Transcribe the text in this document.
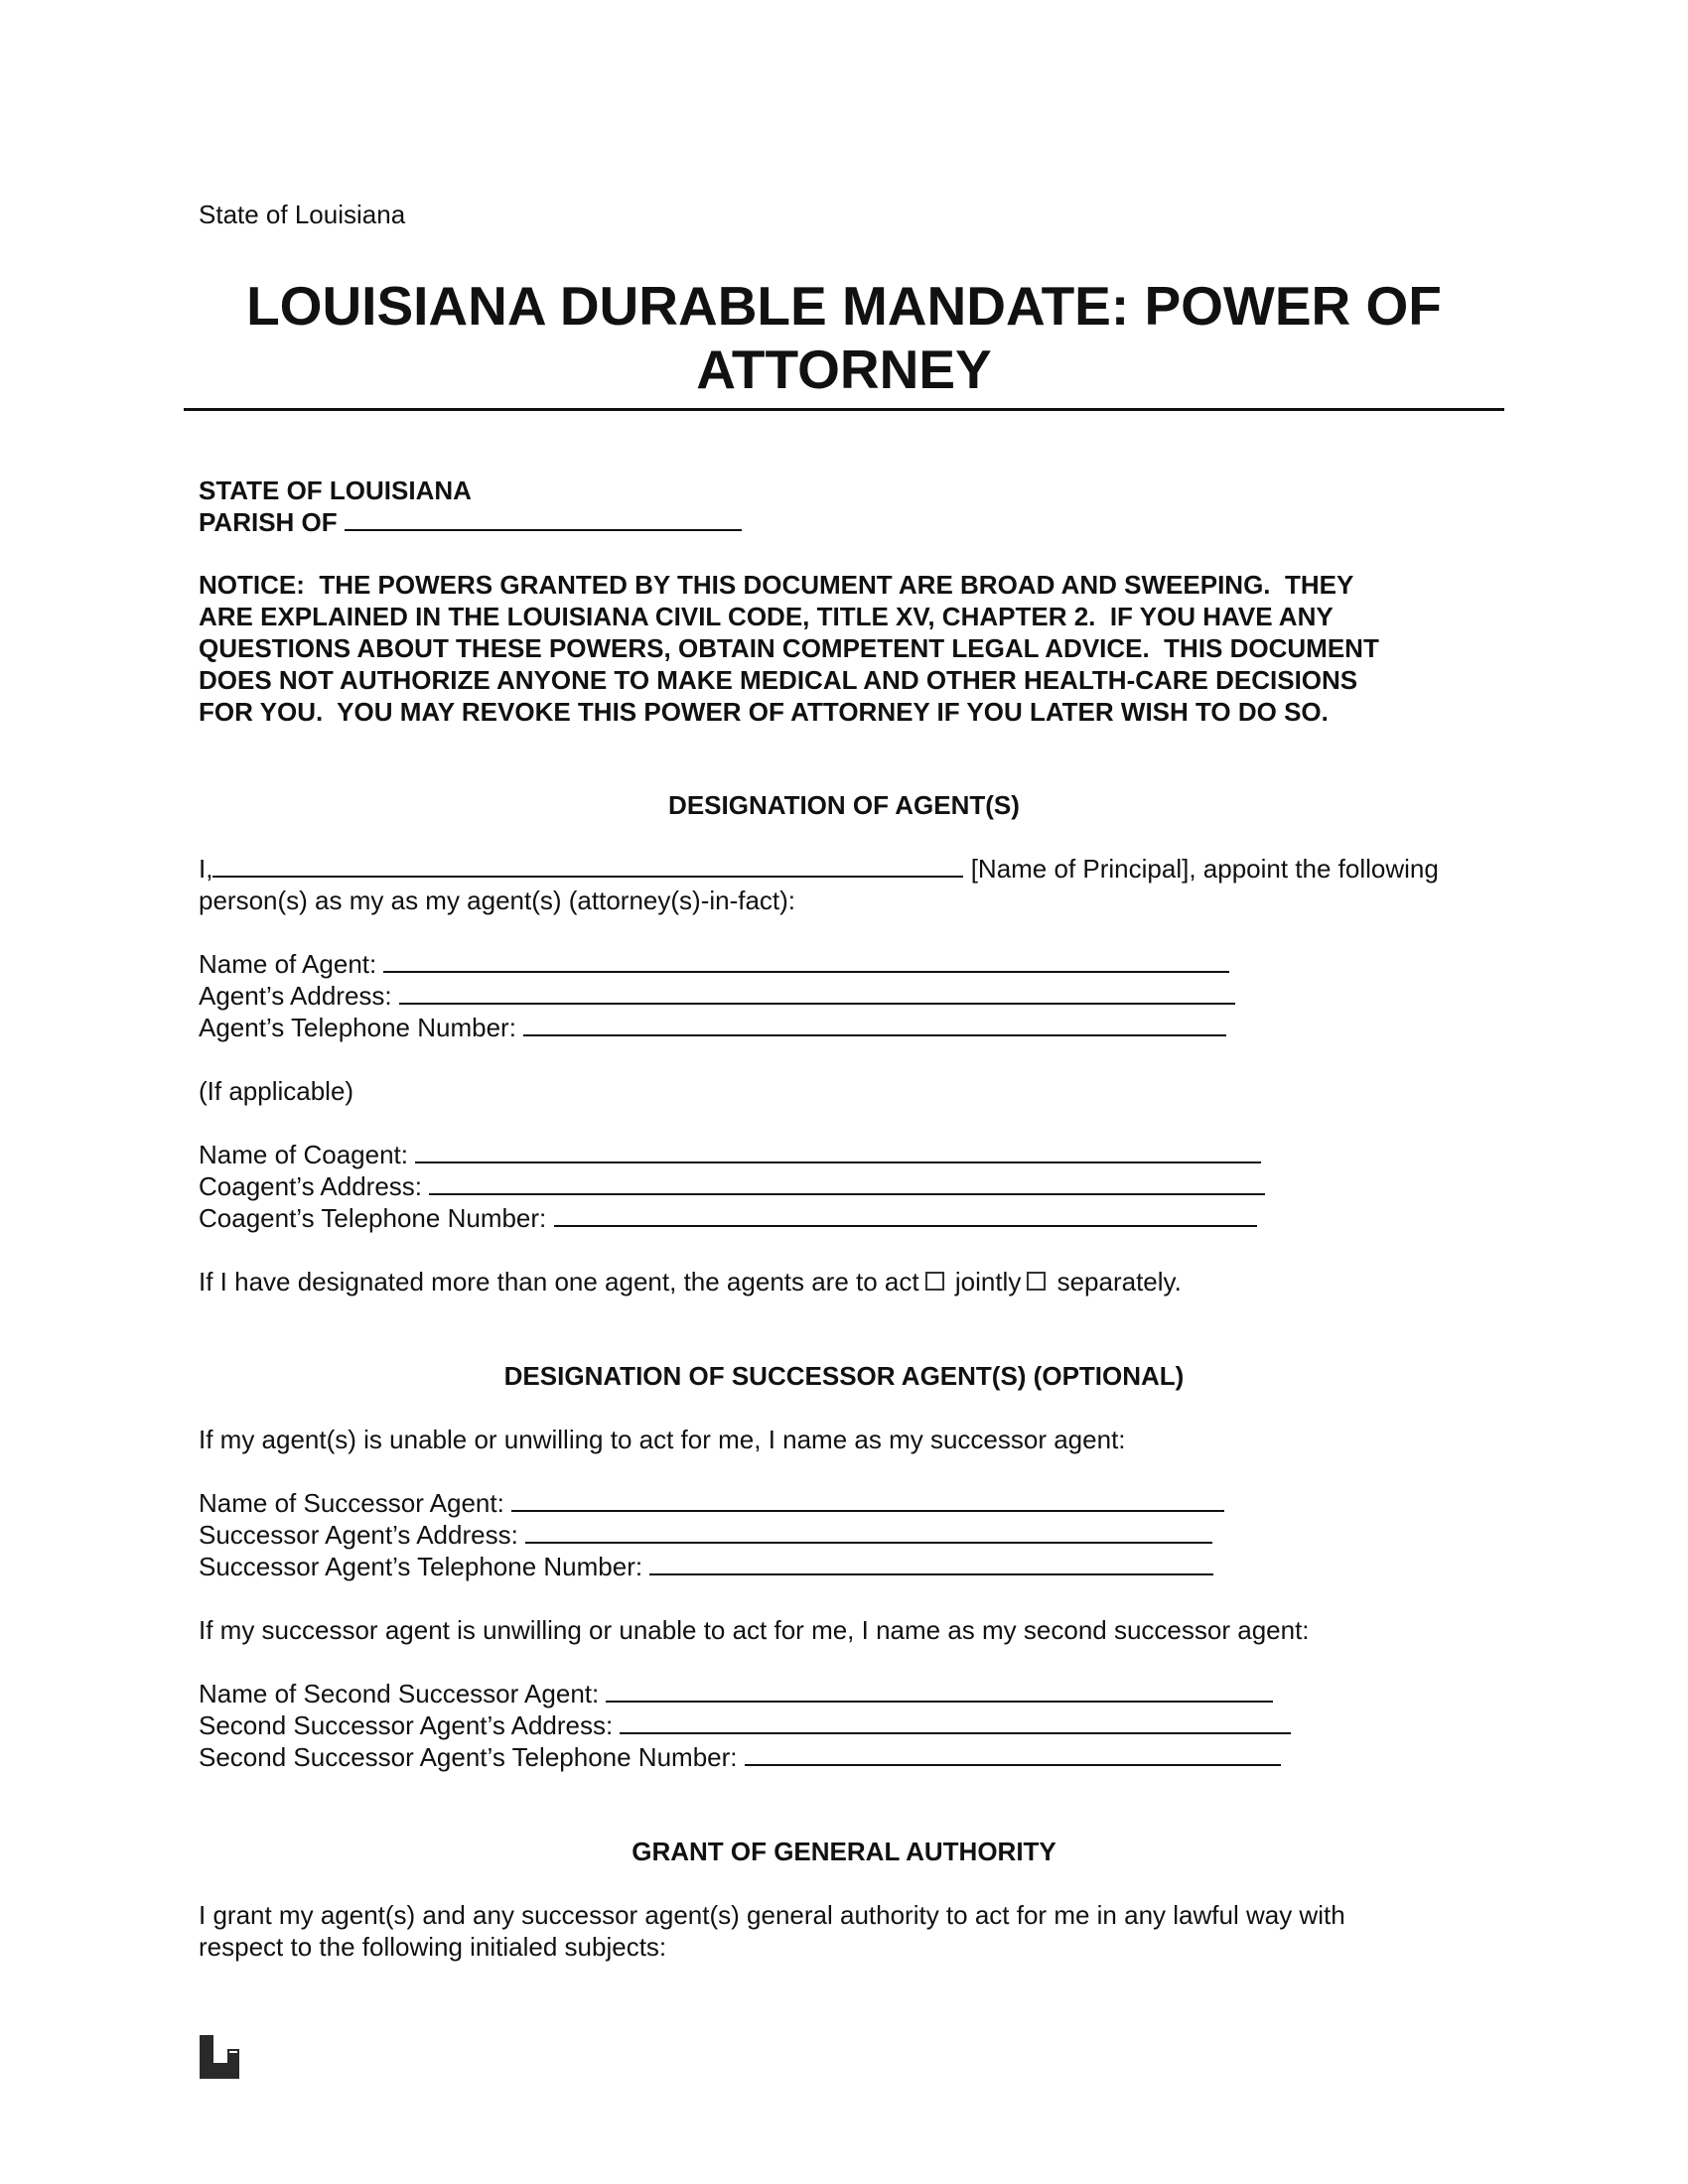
State of Louisiana
LOUISIANA DURABLE MANDATE: POWER OF
ATTORNEY
STATE OF LOUISIANA
PARISH OF
NOTICE:  THE POWERS GRANTED BY THIS DOCUMENT ARE BROAD AND SWEEPING.  THEY
ARE EXPLAINED IN THE LOUISIANA CIVIL CODE, TITLE XV, CHAPTER 2.  IF YOU HAVE ANY
QUESTIONS ABOUT THESE POWERS, OBTAIN COMPETENT LEGAL ADVICE.  THIS DOCUMENT
DOES NOT AUTHORIZE ANYONE TO MAKE MEDICAL AND OTHER HEALTH-CARE DECISIONS
FOR YOU.  YOU MAY REVOKE THIS POWER OF ATTORNEY IF YOU LATER WISH TO DO SO.
DESIGNATION OF AGENT(S)
I,	[Name of Principal], appoint the following
person(s) as my as my agent(s) (attorney(s)-in-fact):
Name of Agent:
Agent’s Address:
Agent’s Telephone Number:
(If applicable)
Name of Coagent:
Coagent’s Address:
Coagent’s Telephone Number:
If I have designated more than one agent, the agents are to act jointly separately.
DESIGNATION OF SUCCESSOR AGENT(S) (OPTIONAL)
If my agent(s) is unable or unwilling to act for me, I name as my successor agent:
Name of Successor Agent:
Successor Agent’s Address:
Successor Agent’s Telephone Number:
If my successor agent is unwilling or unable to act for me, I name as my second successor agent:
Name of Second Successor Agent:
Second Successor Agent’s Address:
Second Successor Agent’s Telephone Number:
GRANT OF GENERAL AUTHORITY
I grant my agent(s) and any successor agent(s) general authority to act for me in any lawful way with
respect to the following initialed subjects:
